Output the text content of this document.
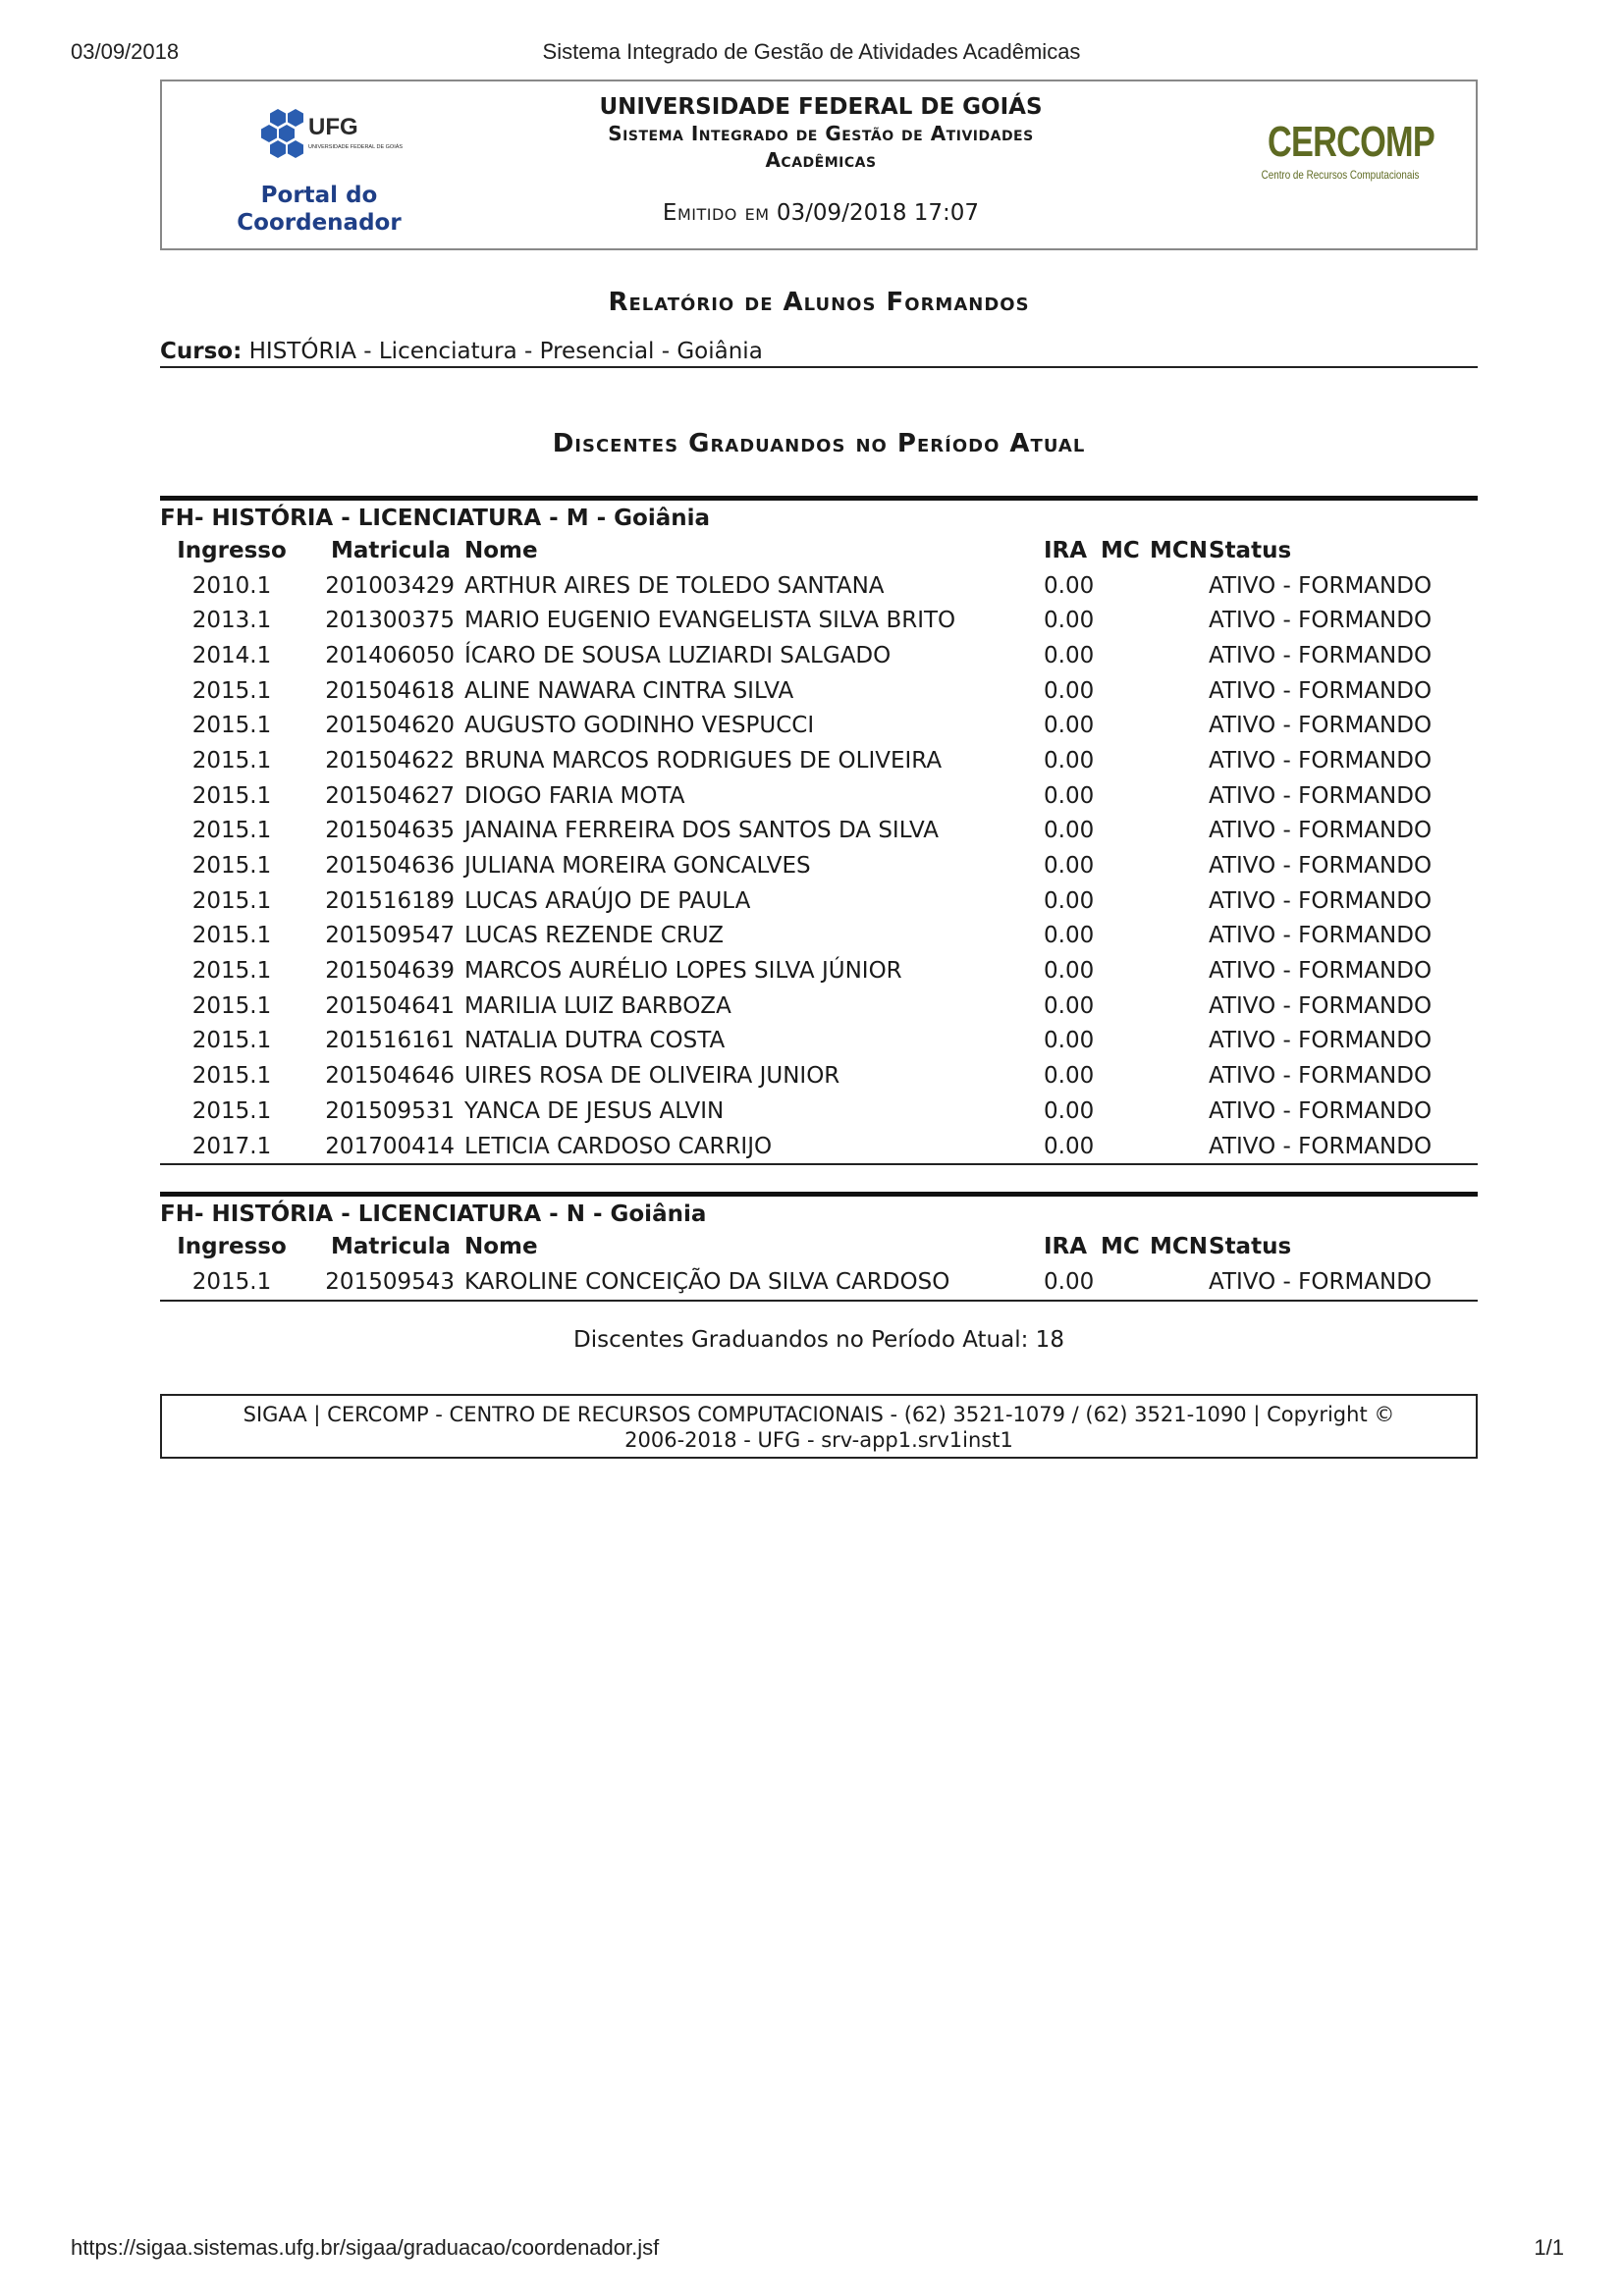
03/09/2018	Sistema Integrado de Gestão de Atividades Acadêmicas
UFG
UNIVERSIDADE FEDERAL DE GOIÁS
Portal do
Coordenador
UNIVERSIDADE FEDERAL DE GOIÁS
Sistema Integrado de Gestão de Atividades
Acadêmicas
Emitido em 03/09/2018 17:07
CERCOMP
Centro de Recursos Computacionais
Relatório de Alunos Formandos
Curso: HISTÓRIA - Licenciatura - Presencial - Goiânia
Discentes Graduandos no Período Atual
FH- HISTÓRIA - LICENCIATURA - M - Goiânia
Ingresso	Matricula	Nome	IRA	MC	MCN	Status
2010.1	201003429	ARTHUR AIRES DE TOLEDO SANTANA	0.00			ATIVO - FORMANDO
2013.1	201300375	MARIO EUGENIO EVANGELISTA SILVA BRITO	0.00			ATIVO - FORMANDO
2014.1	201406050	ÍCARO DE SOUSA LUZIARDI SALGADO	0.00			ATIVO - FORMANDO
2015.1	201504618	ALINE NAWARA CINTRA SILVA	0.00			ATIVO - FORMANDO
2015.1	201504620	AUGUSTO GODINHO VESPUCCI	0.00			ATIVO - FORMANDO
2015.1	201504622	BRUNA MARCOS RODRIGUES DE OLIVEIRA	0.00			ATIVO - FORMANDO
2015.1	201504627	DIOGO FARIA MOTA	0.00			ATIVO - FORMANDO
2015.1	201504635	JANAINA FERREIRA DOS SANTOS DA SILVA	0.00			ATIVO - FORMANDO
2015.1	201504636	JULIANA MOREIRA GONCALVES	0.00			ATIVO - FORMANDO
2015.1	201516189	LUCAS ARAÚJO DE PAULA	0.00			ATIVO - FORMANDO
2015.1	201509547	LUCAS REZENDE CRUZ	0.00			ATIVO - FORMANDO
2015.1	201504639	MARCOS AURÉLIO LOPES SILVA JÚNIOR	0.00			ATIVO - FORMANDO
2015.1	201504641	MARILIA LUIZ BARBOZA	0.00			ATIVO - FORMANDO
2015.1	201516161	NATALIA DUTRA COSTA	0.00			ATIVO - FORMANDO
2015.1	201504646	UIRES ROSA DE OLIVEIRA JUNIOR	0.00			ATIVO - FORMANDO
2015.1	201509531	YANCA DE JESUS ALVIN	0.00			ATIVO - FORMANDO
2017.1	201700414	LETICIA CARDOSO CARRIJO	0.00			ATIVO - FORMANDO
FH- HISTÓRIA - LICENCIATURA - N - Goiânia
Ingresso	Matricula	Nome	IRA	MC	MCN	Status
2015.1	201509543	KAROLINE CONCEIÇÃO DA SILVA CARDOSO	0.00			ATIVO - FORMANDO
Discentes Graduandos no Período Atual: 18
SIGAA | CERCOMP - CENTRO DE RECURSOS COMPUTACIONAIS - (62) 3521-1079 / (62) 3521-1090 | Copyright ©
2006-2018 - UFG - srv-app1.srv1inst1
https://sigaa.sistemas.ufg.br/sigaa/graduacao/coordenador.jsf	1/1
